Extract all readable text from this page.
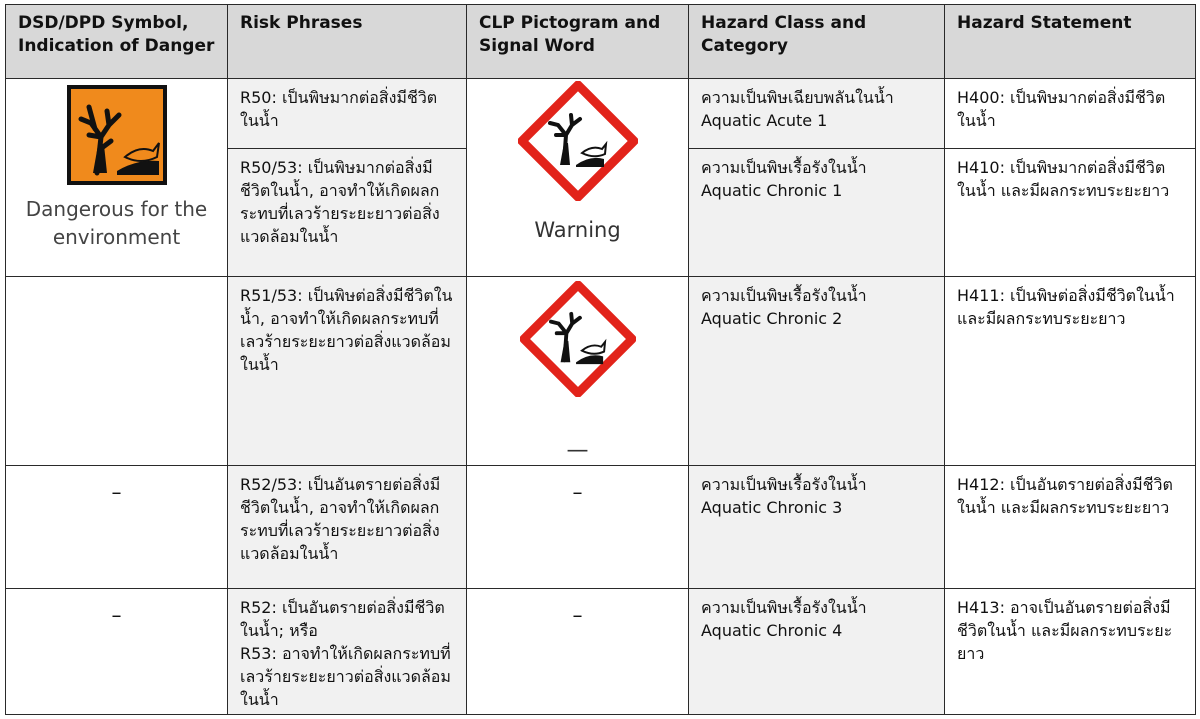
DSD/DPD Symbol, Indication of Danger	Risk Phrases	CLP Pictogram and Signal Word	Hazard Class and Category	Hazard Statement

Dangerous for the environment	R50: เป็นพิษมากต่อสิ่งมีชีวิตในน้ำ	Warning	ความเป็นพิษเฉียบพลันในน้ำ
Aquatic Acute 1	H400: เป็นพิษมากต่อสิ่งมีชีวิตในน้ำ
	R50/53: เป็นพิษมากต่อสิ่งมีชีวิตในน้ำ, อาจทำให้เกิดผลกระทบที่เลวร้ายระยะยาวต่อสิ่งแวดล้อมในน้ำ		ความเป็นพิษเรื้อรังในน้ำ
Aquatic Chronic 1	H410: เป็นพิษมากต่อสิ่งมีชีวิตในน้ำ และมีผลกระทบระยะยาว
	R51/53: เป็นพิษต่อสิ่งมีชีวิตในน้ำ, อาจทำให้เกิดผลกระทบที่เลวร้ายระยะยาวต่อสิ่งแวดล้อมในน้ำ	—	ความเป็นพิษเรื้อรังในน้ำ
Aquatic Chronic 2	H411: เป็นพิษต่อสิ่งมีชีวิตในน้ำ และมีผลกระทบระยะยาว

–	R52/53: เป็นอันตรายต่อสิ่งมีชีวิตในน้ำ, อาจทำให้เกิดผลกระทบที่เลวร้ายระยะยาวต่อสิ่งแวดล้อมในน้ำ	–	ความเป็นพิษเรื้อรังในน้ำ
Aquatic Chronic 3	H412: เป็นอันตรายต่อสิ่งมีชีวิตในน้ำ และมีผลกระทบระยะยาว

–	R52: เป็นอันตรายต่อสิ่งมีชีวิตในน้ำ; หรือ
R53: อาจทำให้เกิดผลกระทบที่เลวร้ายระยะยาวต่อสิ่งแวดล้อมในน้ำ	–	ความเป็นพิษเรื้อรังในน้ำ
Aquatic Chronic 4	H413: อาจเป็นอันตรายต่อสิ่งมีชีวิตในน้ำ และมีผลกระทบระยะยาว
